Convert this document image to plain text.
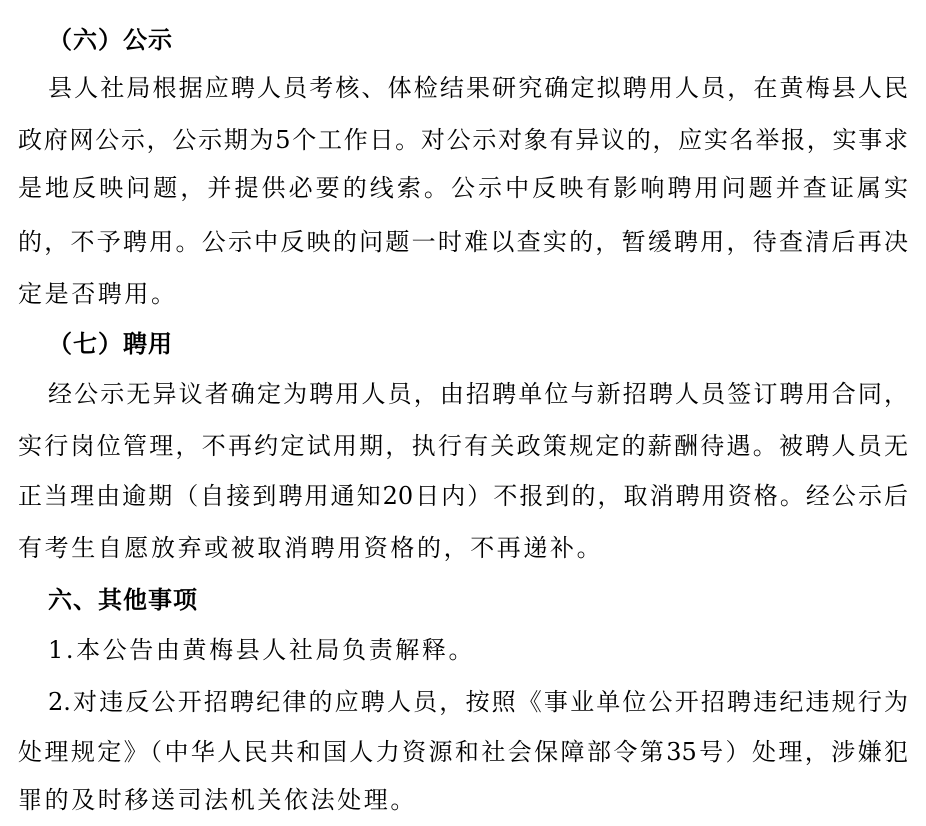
（六）公示
县人社局根据应聘人员考核、体检结果研究确定拟聘用人员，在黄梅县人民
政府网公示，公示期为5个工作日。对公示对象有异议的，应实名举报，实事求
是地反映问题，并提供必要的线索。公示中反映有影响聘用问题并查证属实
的，不予聘用。公示中反映的问题一时难以查实的，暂缓聘用，待查清后再决
定是否聘用。
（七）聘用
经公示无异议者确定为聘用人员，由招聘单位与新招聘人员签订聘用合同，
实行岗位管理，不再约定试用期，执行有关政策规定的薪酬待遇。被聘人员无
正当理由逾期（自接到聘用通知20日内）不报到的，取消聘用资格。经公示后
有考生自愿放弃或被取消聘用资格的，不再递补。
六、其他事项
1.本公告由黄梅县人社局负责解释。
2.对违反公开招聘纪律的应聘人员，按照《事业单位公开招聘违纪违规行为
处理规定》（中华人民共和国人力资源和社会保障部令第35号）处理，涉嫌犯
罪的及时移送司法机关依法处理。
